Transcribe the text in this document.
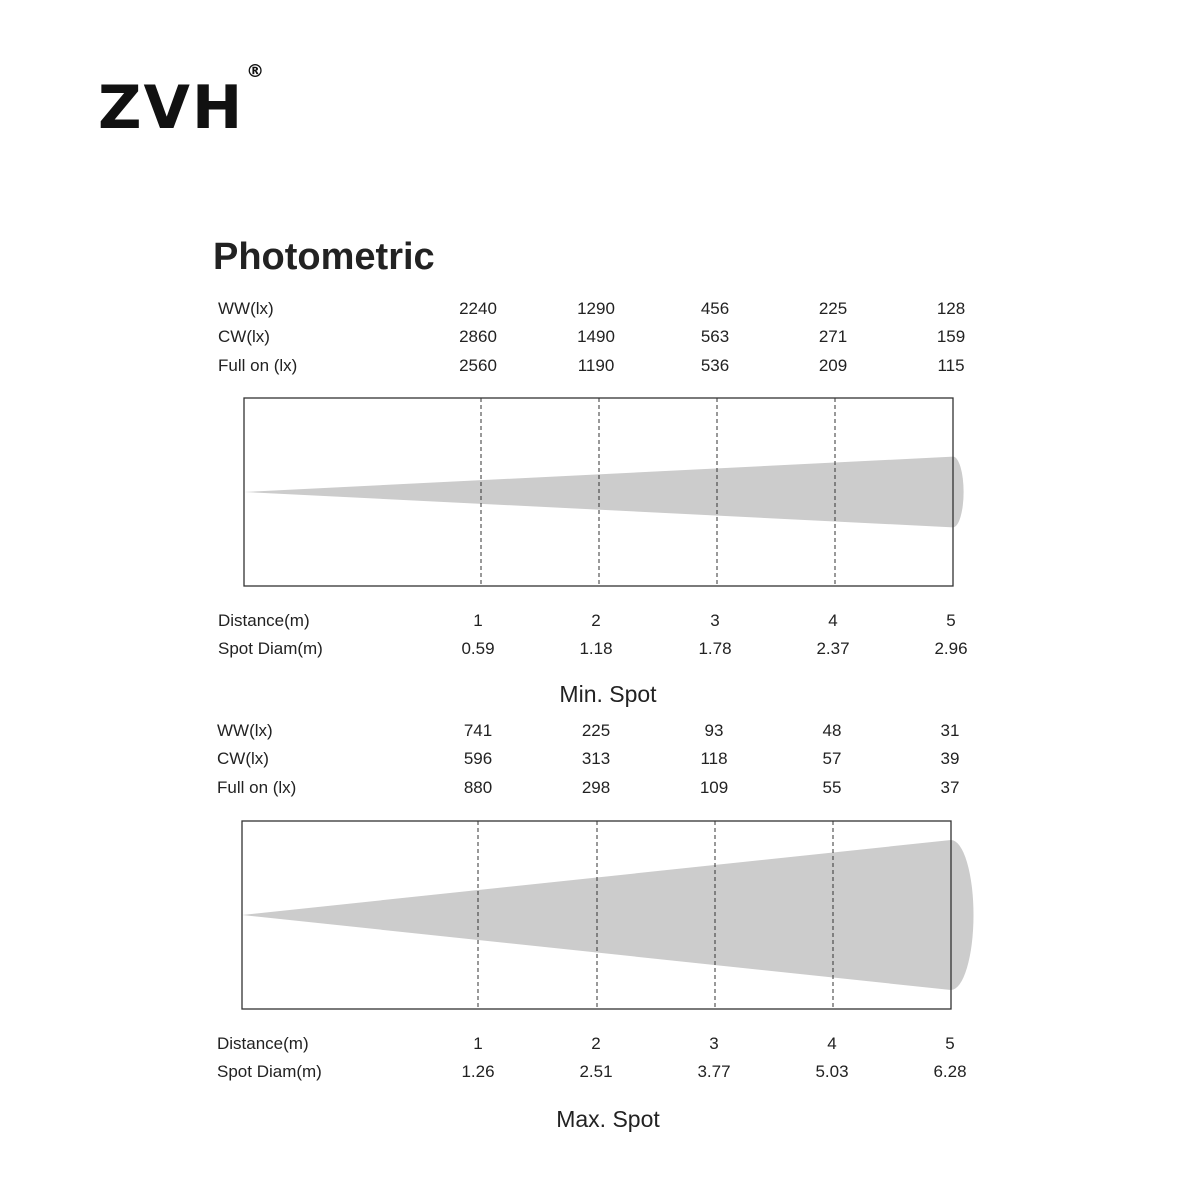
ZVH®
Photometric
WW(lx)	2240	1290	456	225	128
CW(lx)	2860	1490	563	271	159
Full on (lx)	2560	1190	536	209	115
Distance(m)	1	2	3	4	5
Spot Diam(m)	0.59	1.18	1.78	2.37	2.96
Min. Spot
WW(lx)	741	225	93	48	31
CW(lx)	596	313	118	57	39
Full on (lx)	880	298	109	55	37
Distance(m)	1	2	3	4	5
Spot Diam(m)	1.26	2.51	3.77	5.03	6.28
Max. Spot
